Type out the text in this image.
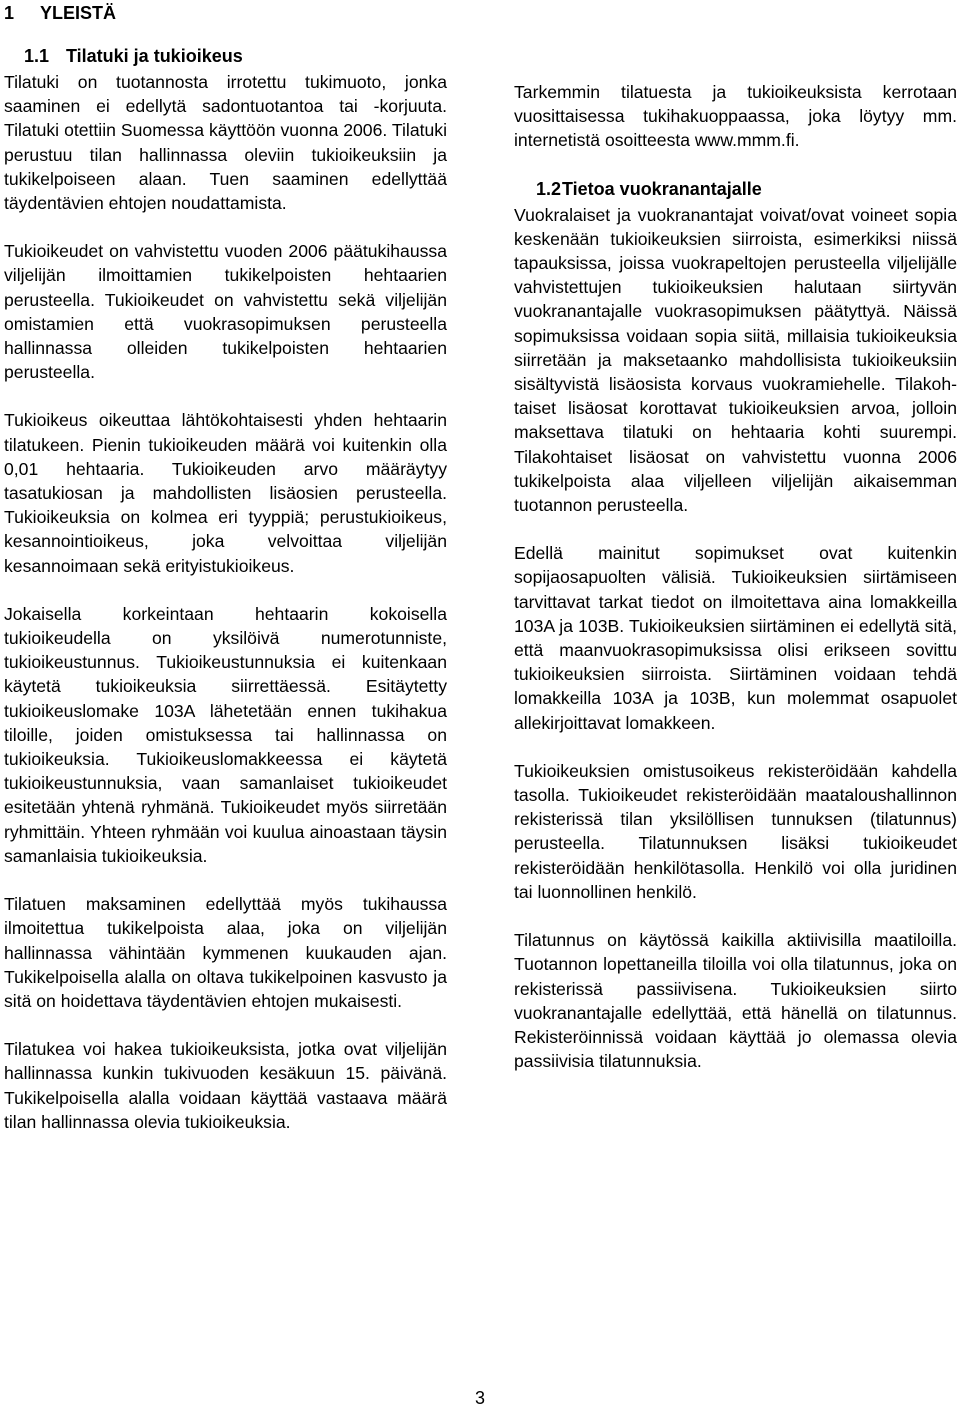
1 YLEISTÄ
1.1 Tilatuki ja tukioikeus

Tilatuki on tuotannosta irrotettu tukimuoto, jonka saaminen ei edellytä sadontuotantoa tai -korjuuta. Tilatuki otettiin Suomessa käyttöön vuonna 2006. Tilatuki perustuu tilan hallinnassa oleviin tukioikeuksiin ja tukikelpoiseen alaan. Tuen saaminen edellyttää täydentävien ehtojen noudattamista.

Tukioikeudet on vahvistettu vuoden 2006 päätukihaussa viljelijän ilmoittamien tukikelpoisten hehtaarien perusteella. Tukioikeudet on vahvistettu sekä viljelijän omistamien että vuokrasopimuksen perusteella hallinnassa olleiden tukikelpoisten hehtaarien perusteella.

Tukioikeus oikeuttaa lähtökohtaisesti yhden hehtaarin tilatukeen. Pienin tukioikeuden määrä voi kuitenkin olla 0,01 hehtaaria. Tukioikeuden arvo määräytyy tasatukiosan ja mahdollisten lisäosien perusteella. Tukioikeuksia on kolmea eri tyyppiä; perustukioikeus, kesannointioikeus, joka velvoittaa viljelijän kesannoimaan sekä erityistukioikeus.

Jokaisella korkeintaan hehtaarin kokoisella tukioikeudella on yksilöivä numerotunniste, tukioikeustunnus. Tukioikeustunnuksia ei kuitenkaan käytetä tukioikeuksia siirrettäessä. Esitäytetty tukioikeuslomake 103A lähetetään ennen tukihakua tiloille, joiden omistuksessa tai hallinnassa on tukioikeuksia. Tukioikeuslomakkeessa ei käytetä tukioikeustunnuksia, vaan samanlaiset tukioikeudet esitetään yhtenä ryhmänä. Tukioikeudet myös siirretään ryhmittäin. Yhteen ryhmään voi kuulua ainoastaan täysin samanlaisia tukioikeuksia.

Tilatuen maksaminen edellyttää myös tukihaussa ilmoitettua tukikelpoista alaa, joka on viljelijän hallinnassa vähintään kymmenen kuukauden ajan. Tukikelpoisella alalla on oltava tukikelpoinen kasvusto ja sitä on hoidettava täydentävien ehtojen mukaisesti.

Tilatukea voi hakea tukioikeuksista, jotka ovat viljelijän hallinnassa kunkin tukivuoden kesäkuun 15. päivänä. Tukikelpoisella alalla voidaan käyttää vastaava määrä tilan hallinnassa olevia tukioikeuksia.

Tarkemmin tilatuesta ja tukioikeuksista kerrotaan vuosittaisessa tukihakuoppaassa, joka löytyy mm. internetistä osoitteesta www.mmm.fi.

1.2Tietoa vuokranantajalle

Vuokralaiset ja vuokranantajat voivat/ovat voineet sopia keskenään tukioikeuksien siirroista, esimerkiksi niissä tapauksissa, joissa vuokrapeltojen perusteella viljelijälle vahvistettujen tukioikeuksien halutaan siirtyvän vuokranantajalle vuokrasopimuksen päätyttyä. Näissä sopimuksissa voidaan sopia siitä, millaisia tukioikeuksia siirretään ja maksetaanko mahdollisista tukioikeuksiin sisältyvistä lisäosista korvaus vuokramiehelle. Tilakohtaiset lisäosat korottavat tukioikeuksien arvoa, jolloin maksettava tilatuki on hehtaaria kohti suurempi. Tilakohtaiset lisäosat on vahvistettu vuonna 2006 tukikelpoista alaa viljelleen viljelijän aikaisemman tuotannon perusteella.

Edellä mainitut sopimukset ovat kuitenkin sopijaosapuolten välisiä. Tukioikeuksien siirtämiseen tarvittavat tarkat tiedot on ilmoitettava aina lomakkeilla 103A ja 103B. Tukioikeuksien siirtäminen ei edellytä sitä, että maanvuokrasopimuksissa olisi erikseen sovittu tukioikeuksien siirroista. Siirtäminen voidaan tehdä lomakkeilla 103A ja 103B, kun molemmat osapuolet allekirjoittavat lomakkeen.

Tukioikeuksien omistusoikeus rekisteröidään kahdella tasolla. Tukioikeudet rekisteröidään maataloushallinnon rekisterissä tilan yksilöllisen tunnuksen (tilatunnus) perusteella. Tilatunnuksen lisäksi tukioikeudet rekisteröidään henkilötasolla. Henkilö voi olla juridinen tai luonnollinen henkilö.

Tilatunnus on käytössä kaikilla aktiivisilla maatiloilla. Tuotannon lopettaneilla tiloilla voi olla tilatunnus, joka on rekisterissä passiivisena. Tukioikeuksien siirto vuokranantajalle edellyttää, että hänellä on tilatunnus. Rekisteröinnissä voidaan käyttää jo olemassa olevia passiivisia tilatunnuksia.

3
